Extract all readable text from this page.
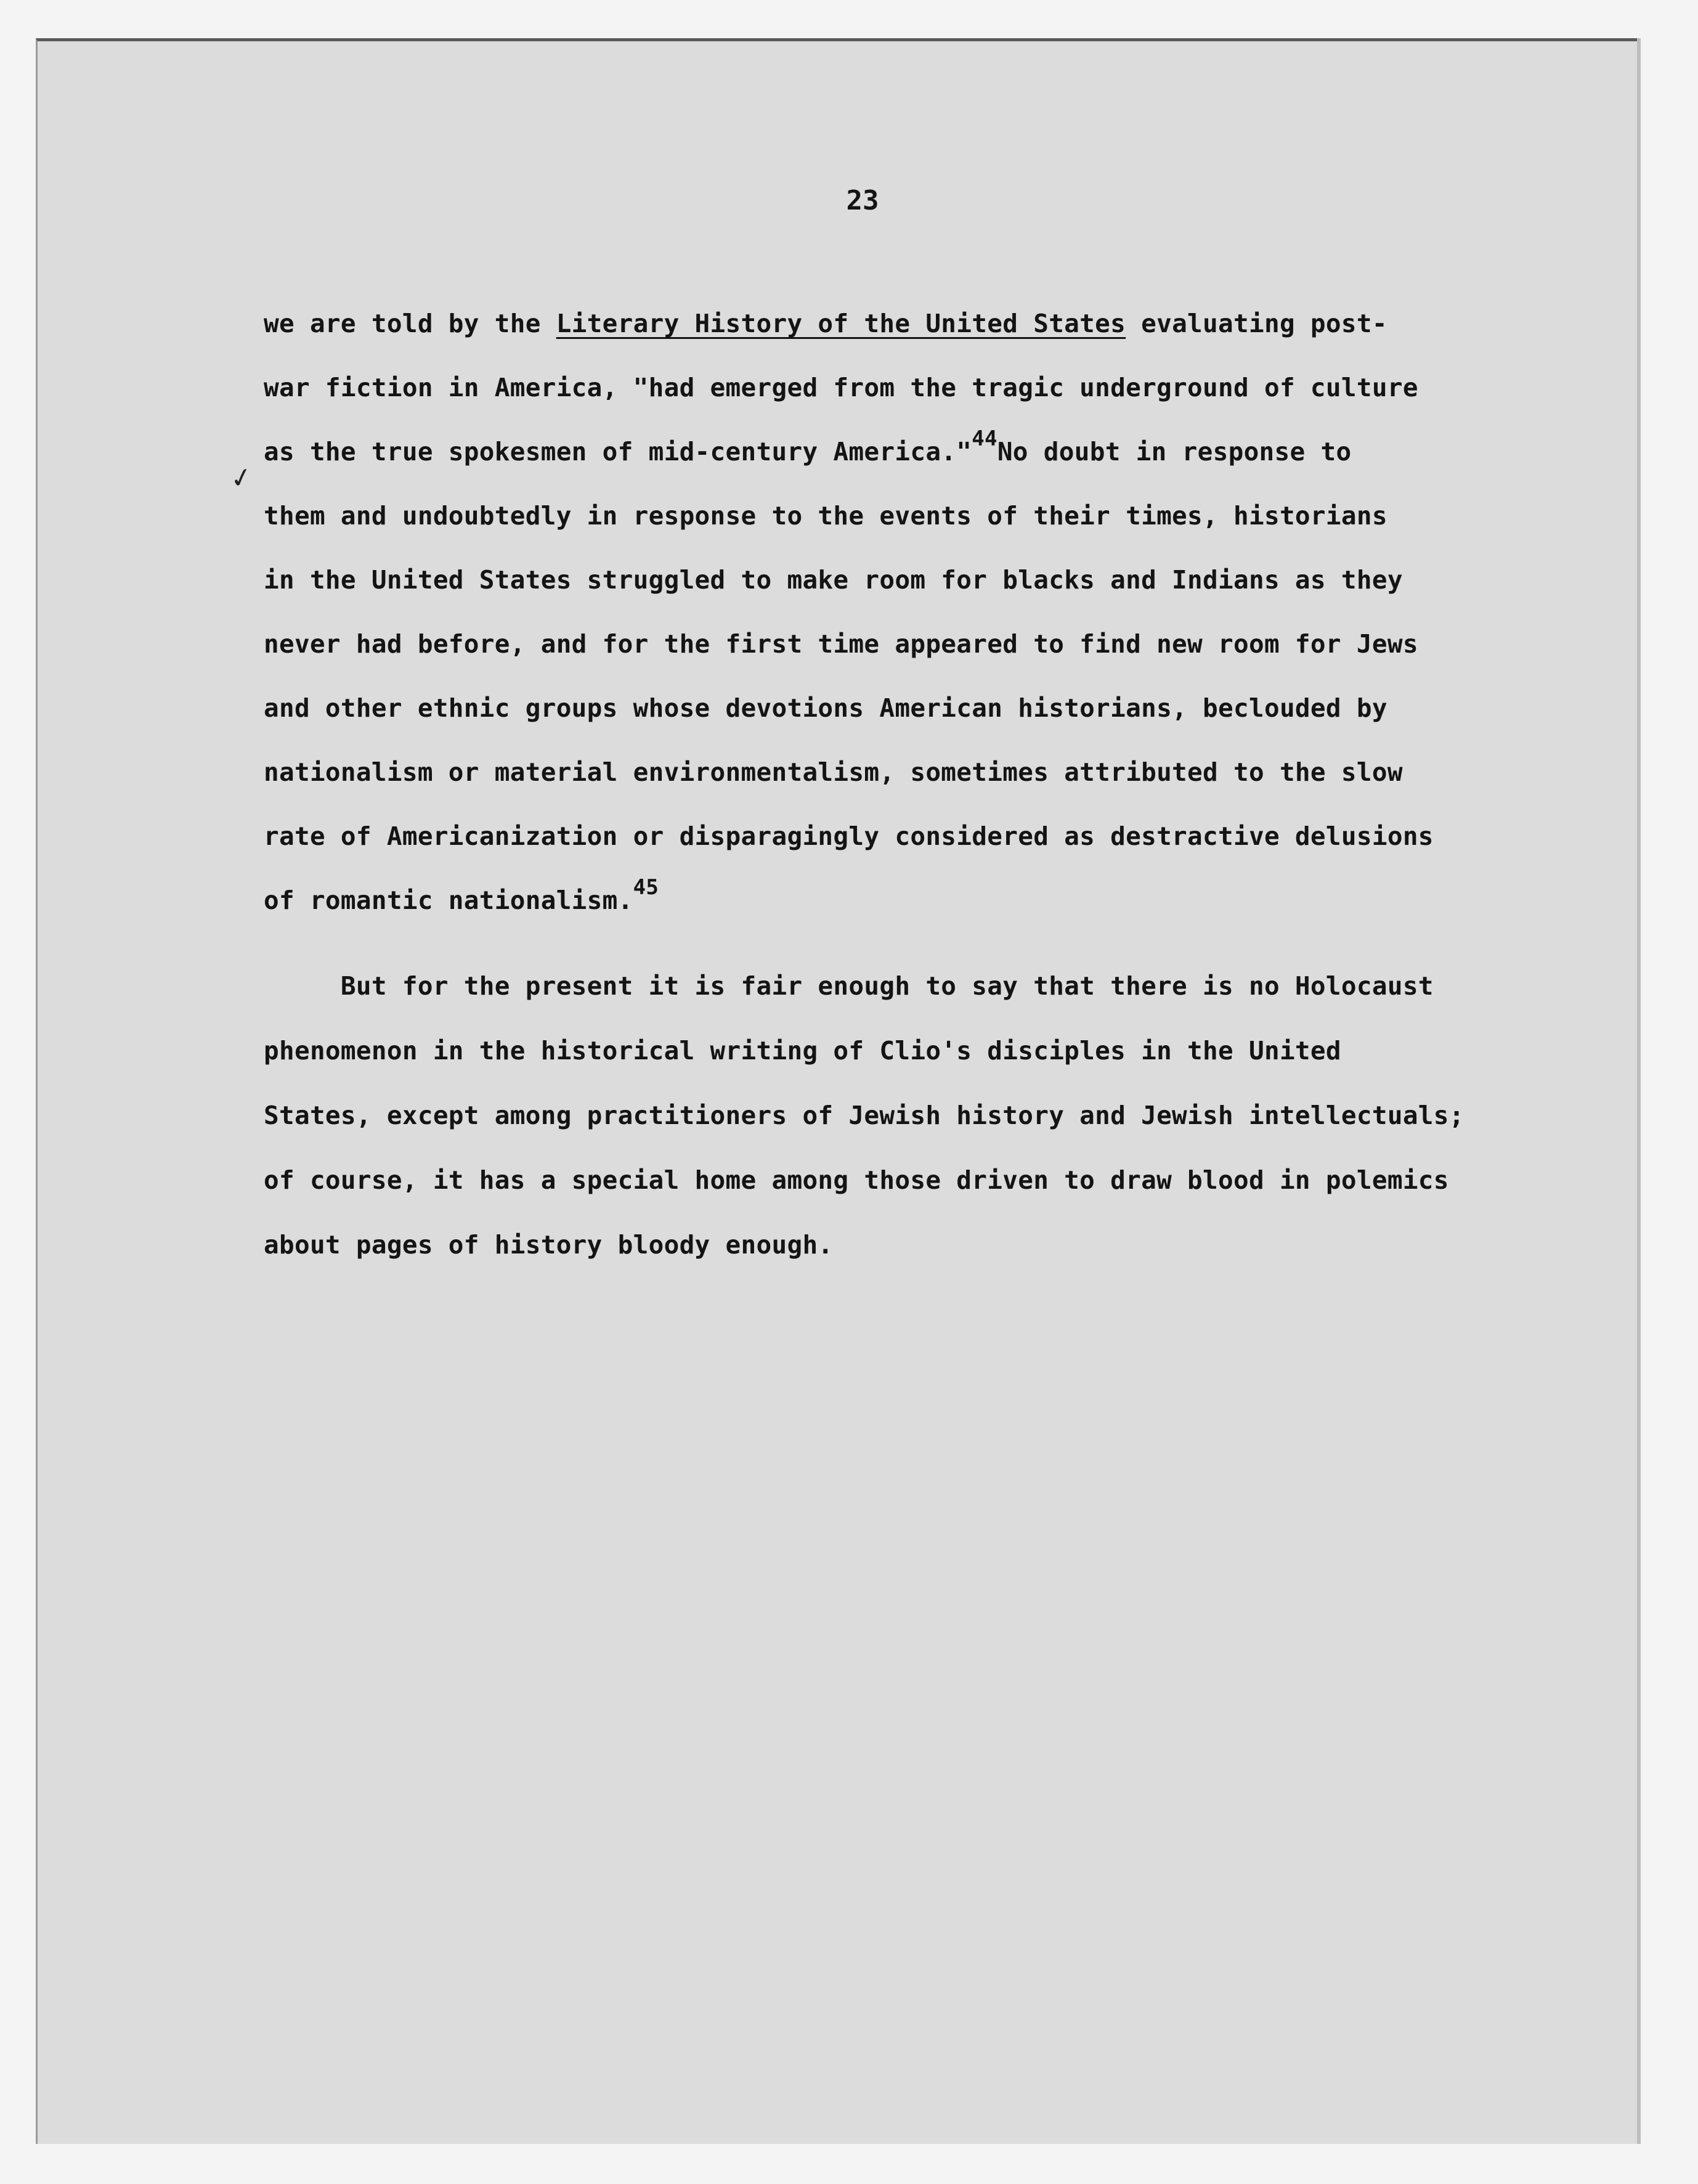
23
✓
we are told by the Literary History of the United States evaluating post-
war fiction in America, "had emerged from the tragic underground of culture
as the true spokesmen of mid-century America."$^{44}$No doubt in response to
them and undoubtedly in response to the events of their times, historians
in the United States struggled to make room for blacks and Indians as they
never had before, and for the first time appeared to find new room for Jews
and other ethnic groups whose devotions American historians, beclouded by
nationalism or material environmentalism, sometimes attributed to the slow
rate of Americanization or disparagingly considered as destractive delusions
of romantic nationalism.$^{45}$
But for the present it is fair enough to say that there is no Holocaust
phenomenon in the historical writing of Clio's disciples in the United
States, except among practitioners of Jewish history and Jewish intellectuals;
of course, it has a special home among those driven to draw blood in polemics
about pages of history bloody enough.
